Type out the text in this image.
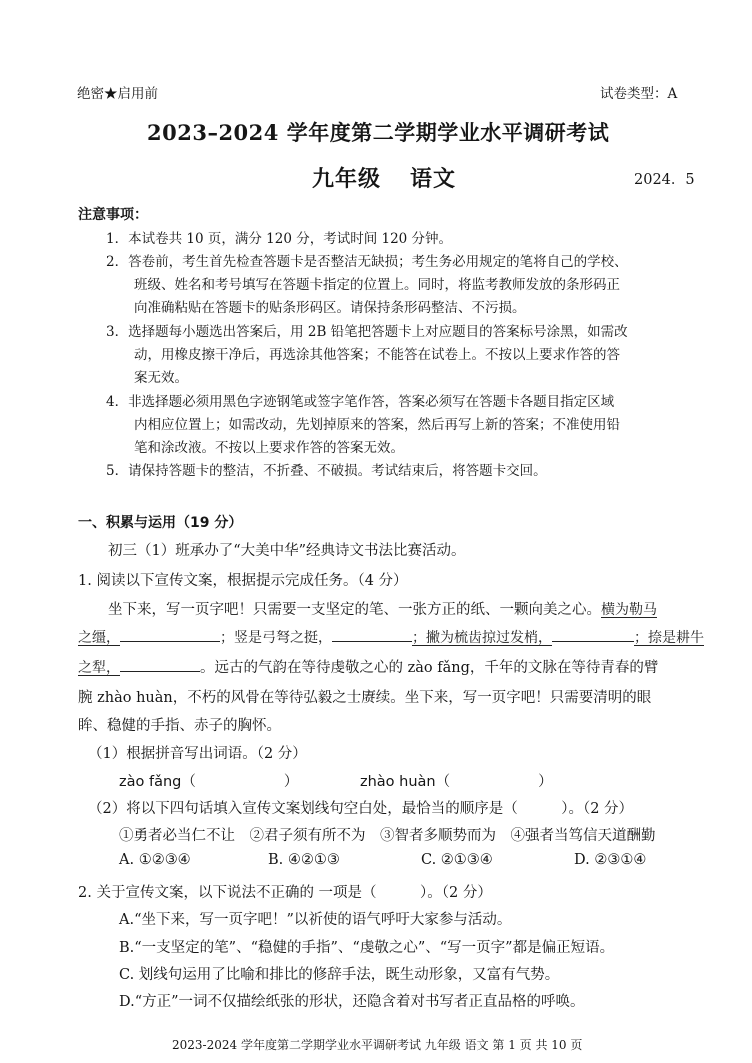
绝密★启用前	试卷类型：A
2023–2024 学年度第二学期学业水平调研考试
九年级 语文	2024．5
注意事项：
1．本试卷共 10 页，满分 120 分，考试时间 120 分钟。
2．答卷前，考生首先检查答题卡是否整洁无缺损；考生务必用规定的笔将自己的学校、
班级、姓名和考号填写在答题卡指定的位置上。同时，将监考教师发放的条形码正
向准确粘贴在答题卡的贴条形码区。请保持条形码整洁、不污损。
3．选择题每小题选出答案后，用 2B 铅笔把答题卡上对应题目的答案标号涂黑，如需改
动，用橡皮擦干净后，再选涂其他答案；不能答在试卷上。不按以上要求作答的答
案无效。
4．非选择题必须用黑色字迹钢笔或签字笔作答，答案必须写在答题卡各题目指定区域
内相应位置上；如需改动，先划掉原来的答案，然后再写上新的答案；不准使用铅
笔和涂改液。不按以上要求作答的答案无效。
5．请保持答题卡的整洁，不折叠、不破损。考试结束后，将答题卡交回。
一、积累与运用（19 分）
初三（1）班承办了“大美中华”经典诗文书法比赛活动。
1. 阅读以下宣传文案，根据提示完成任务。（4 分）
坐下来，写一页字吧！只需要一支坚定的笔、一张方正的纸、一颗向美之心。横为勒马
之缰，	；竖是弓弩之挺，	；撇为梳齿掠过发梢，	；捺是耕牛
之犁，	。远古的气韵在等待虔敬之心的 zào fǎng，千年的文脉在等待青春的臂
腕 zhào huàn，不朽的风骨在等待弘毅之士赓续。坐下来，写一页字吧！只需要清明的眼
眸、稳健的手指、赤子的胸怀。
（1）根据拼音写出词语。（2 分）
zào fǎng（	）	zhào huàn（	）
（2）将以下四句话填入宣传文案划线句空白处，最恰当的顺序是（　　　）。（2 分）
①勇者必当仁不让　②君子须有所不为　③智者多顺势而为　④强者当笃信天道酬勤
A. ①②③④	B. ④②①③	C. ②①③④	D. ②③①④
2. 关于宣传文案，以下说法不正确的 一项是（　　　）。（2 分）
A.“坐下来，写一页字吧！”以祈使的语气呼吁大家参与活动。
B.“一支坚定的笔”、“稳健的手指”、“虔敬之心”、“写一页字”都是偏正短语。
C. 划线句运用了比喻和排比的修辞手法，既生动形象，又富有气势。
D.“方正”一词不仅描绘纸张的形状，还隐含着对书写者正直品格的呼唤。
2023-2024 学年度第二学期学业水平调研考试 九年级 语文 第 1 页 共 10 页
